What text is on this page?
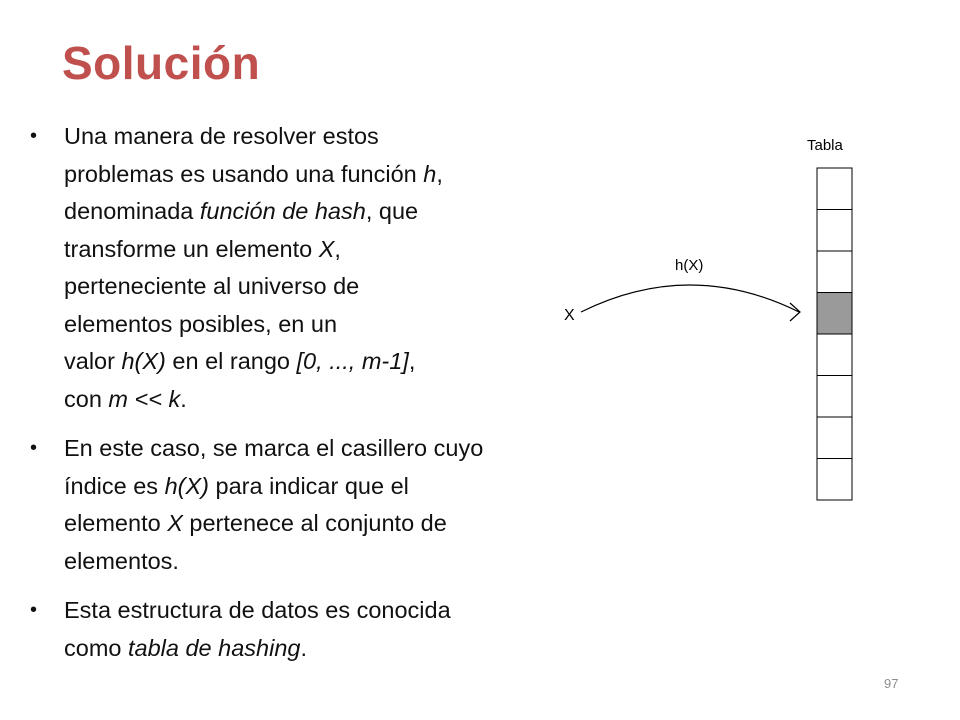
Solución
• Una manera de resolver estos
problemas es usando una función h,
denominada función de hash, que
transforme un elemento X,
perteneciente al universo de
elementos posibles, en un
valor h(X) en el rango [0, ..., m-1],
con m << k.
• En este caso, se marca el casillero cuyo
índice es h(X) para indicar que el
elemento X pertenece al conjunto de
elementos.
• Esta estructura de datos es conocida
como tabla de hashing.
Tabla
h(X)
X
97
